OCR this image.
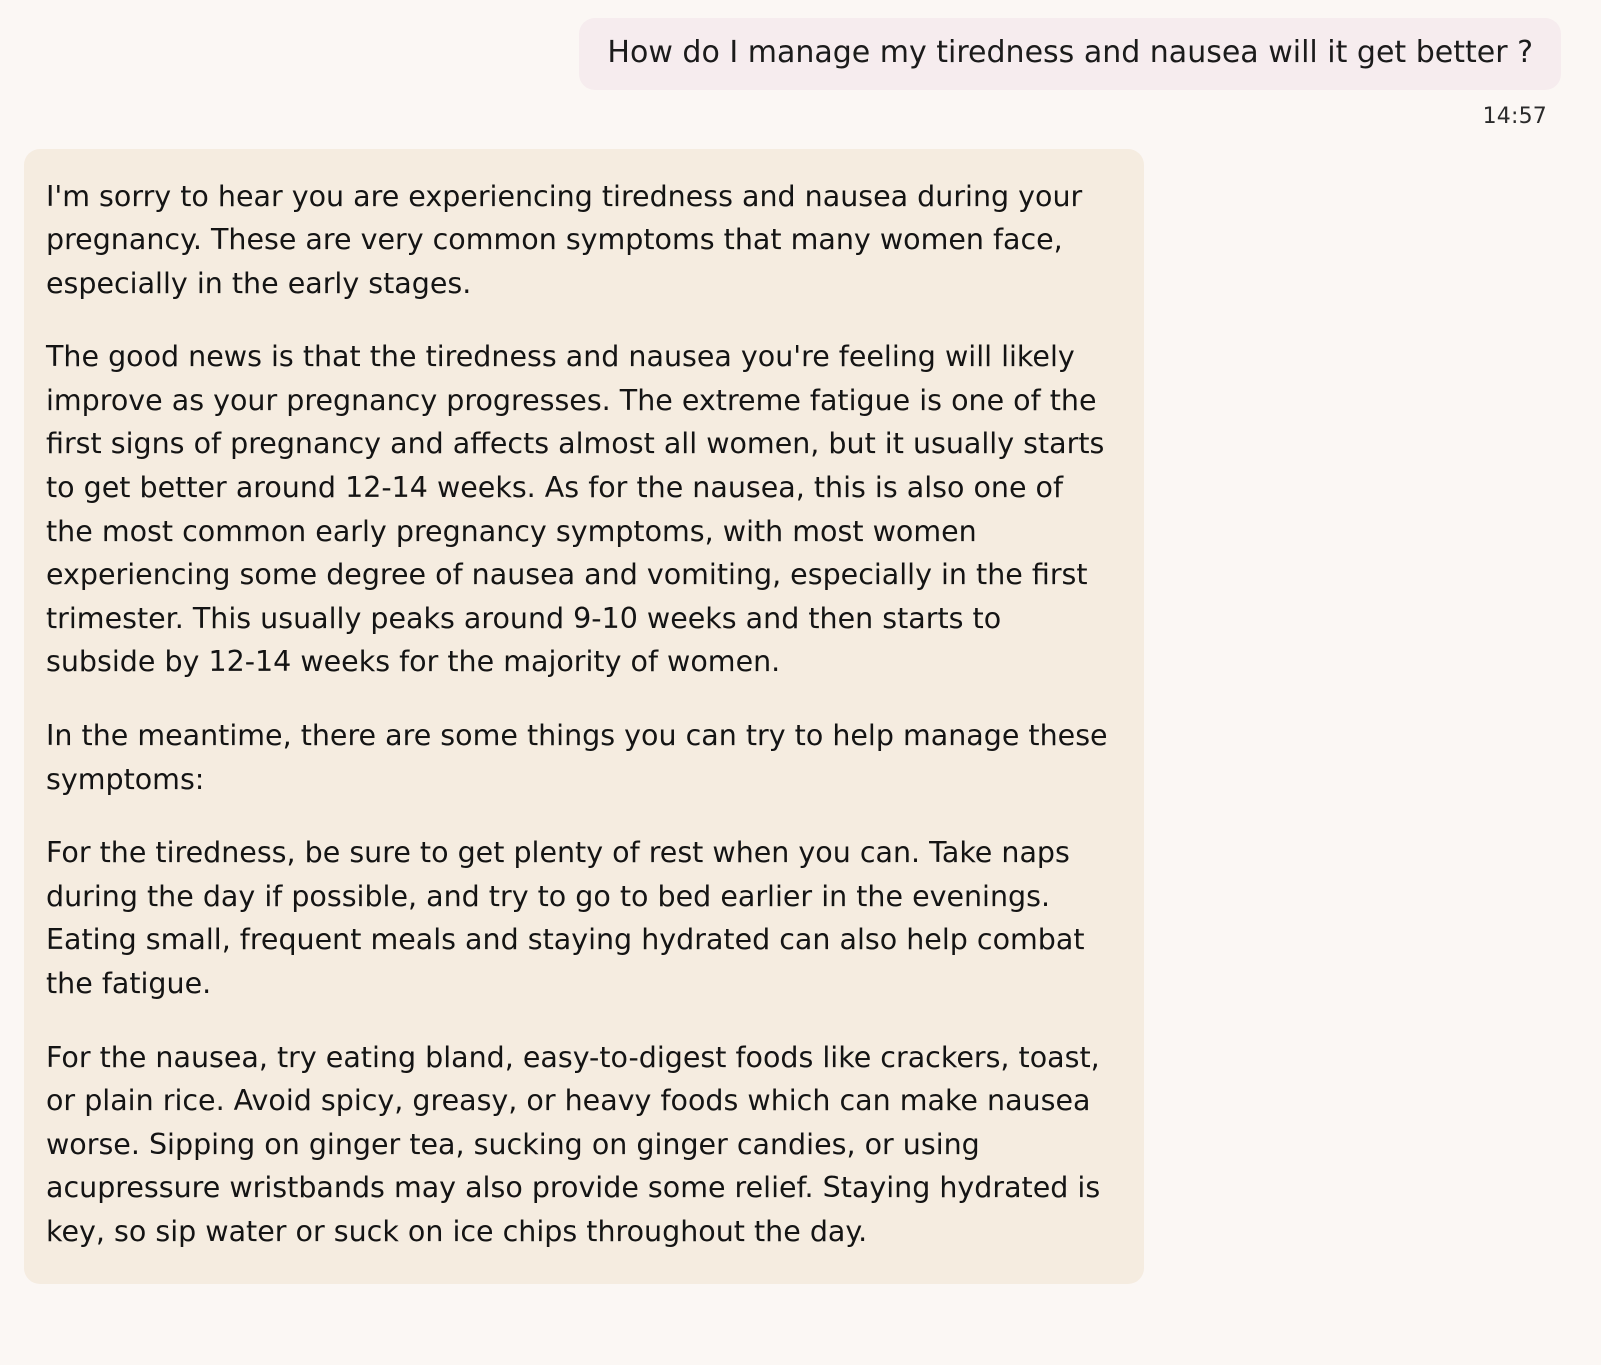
How do I manage my tiredness and nausea will it get better ?
14:57

I'm sorry to hear you are experiencing tiredness and nausea during your pregnancy. These are very common symptoms that many women face, especially in the early stages.

The good news is that the tiredness and nausea you're feeling will likely improve as your pregnancy progresses. The extreme fatigue is one of the first signs of pregnancy and affects almost all women, but it usually starts to get better around 12-14 weeks. As for the nausea, this is also one of the most common early pregnancy symptoms, with most women experiencing some degree of nausea and vomiting, especially in the first trimester. This usually peaks around 9-10 weeks and then starts to subside by 12-14 weeks for the majority of women.

In the meantime, there are some things you can try to help manage these symptoms:

For the tiredness, be sure to get plenty of rest when you can. Take naps during the day if possible, and try to go to bed earlier in the evenings. Eating small, frequent meals and staying hydrated can also help combat the fatigue.

For the nausea, try eating bland, easy-to-digest foods like crackers, toast, or plain rice. Avoid spicy, greasy, or heavy foods which can make nausea worse. Sipping on ginger tea, sucking on ginger candies, or using acupressure wristbands may also provide some relief. Staying hydrated is key, so sip water or suck on ice chips throughout the day.
